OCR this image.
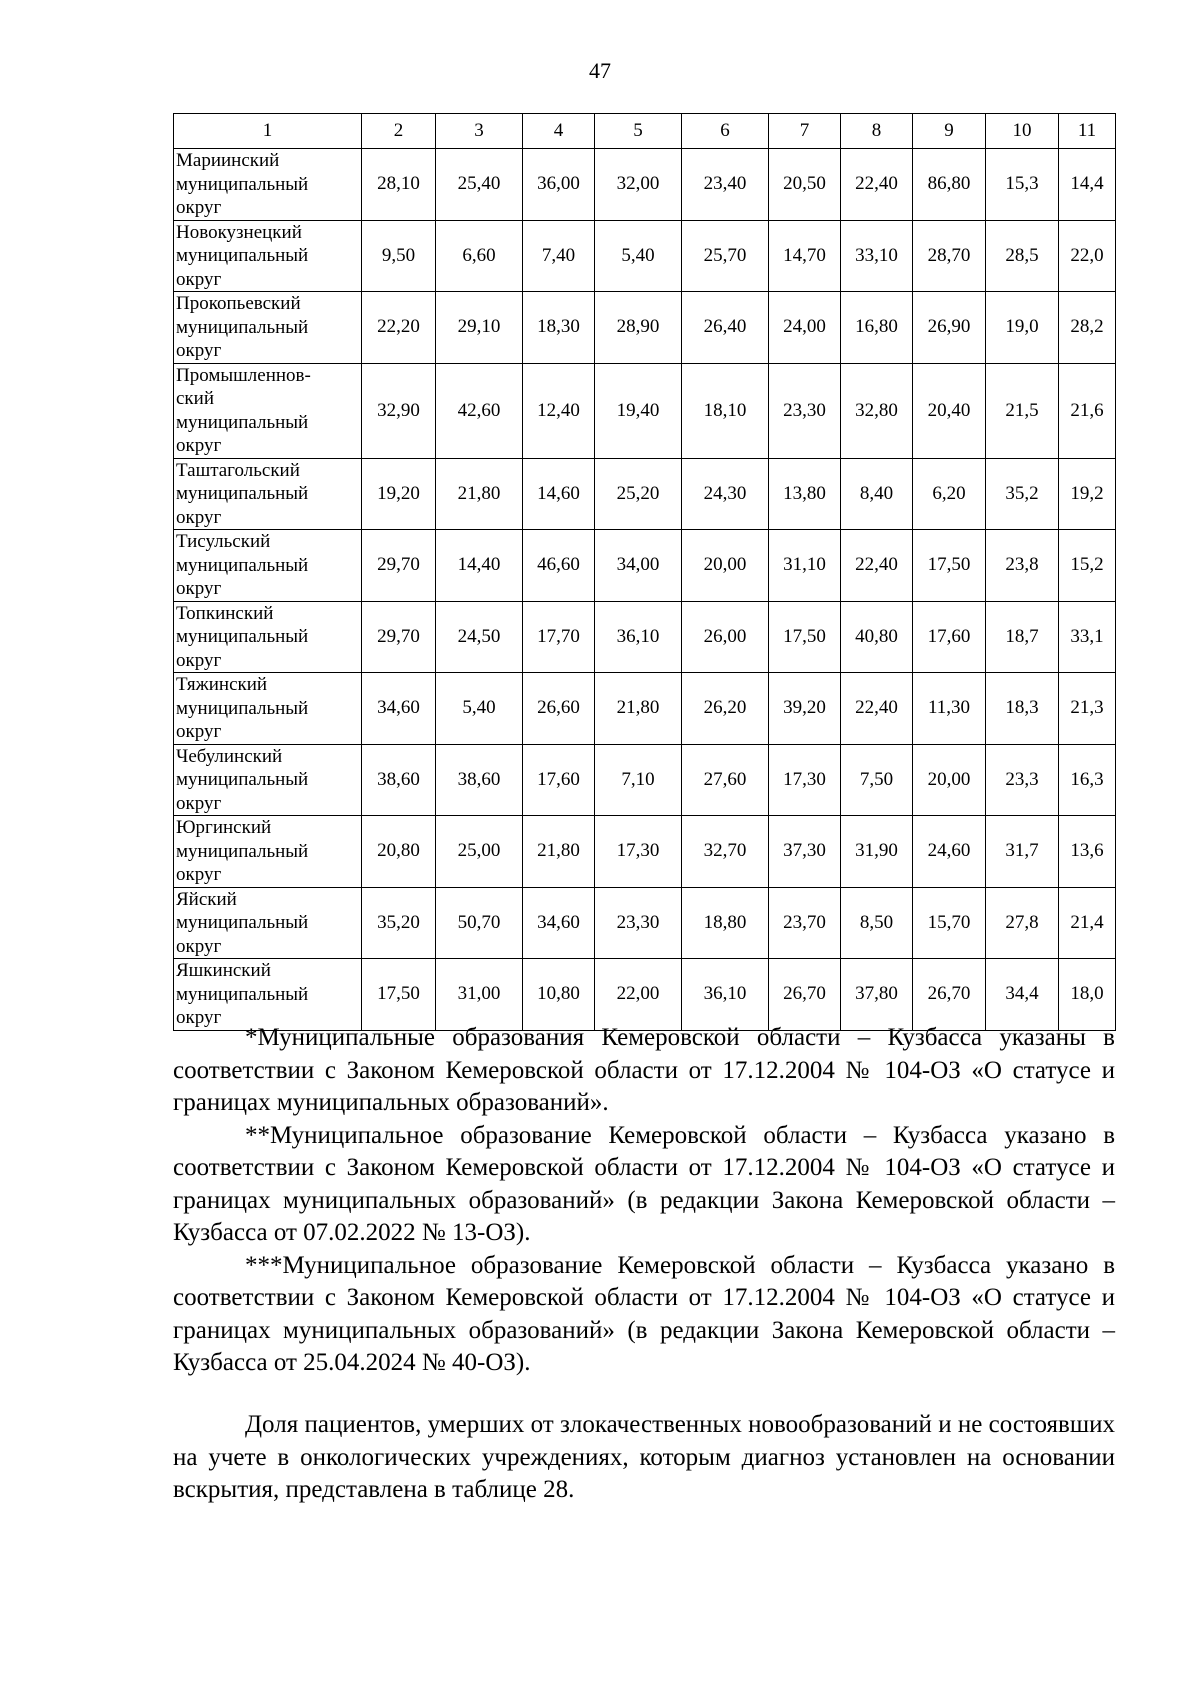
47
1	2	3	4	5	6	7	8	9	10	11

Мариинский
муниципальный
округ	28,10	25,40	36,00	32,00	23,40	20,50	22,40	86,80	15,3	14,4

Новокузнецкий
муниципальный
округ	9,50	6,60	7,40	5,40	25,70	14,70	33,10	28,70	28,5	22,0

Прокопьевский
муниципальный
округ	22,20	29,10	18,30	28,90	26,40	24,00	16,80	26,90	19,0	28,2

Промышленнов-
ский
муниципальный
округ	32,90	42,60	12,40	19,40	18,10	23,30	32,80	20,40	21,5	21,6

Таштагольский
муниципальный
округ	19,20	21,80	14,60	25,20	24,30	13,80	8,40	6,20	35,2	19,2

Тисульский
муниципальный
округ	29,70	14,40	46,60	34,00	20,00	31,10	22,40	17,50	23,8	15,2

Топкинский
муниципальный
округ	29,70	24,50	17,70	36,10	26,00	17,50	40,80	17,60	18,7	33,1

Тяжинский
муниципальный
округ	34,60	5,40	26,60	21,80	26,20	39,20	22,40	11,30	18,3	21,3

Чебулинский
муниципальный
округ	38,60	38,60	17,60	7,10	27,60	17,30	7,50	20,00	23,3	16,3

Юргинский
муниципальный
округ	20,80	25,00	21,80	17,30	32,70	37,30	31,90	24,60	31,7	13,6

Яйский
муниципальный
округ	35,20	50,70	34,60	23,30	18,80	23,70	8,50	15,70	27,8	21,4

Яшкинский
муниципальный
округ	17,50	31,00	10,80	22,00	36,10	26,70	37,80	26,70	34,4	18,0

*Муниципальные образования Кемеровской области – Кузбасса указаны в соответствии с Законом Кемеровской области от 17.12.2004 № 104-ОЗ «О статусе и границах муниципальных образований».

**Муниципальное образование Кемеровской области – Кузбасса указано в соответствии с Законом Кемеровской области от 17.12.2004 № 104-ОЗ «О статусе и границах муниципальных образований» (в редакции Закона Кемеровской области – Кузбасса от 07.02.2022 № 13-ОЗ).

***Муниципальное образование Кемеровской области – Кузбасса указано в соответствии с Законом Кемеровской области от 17.12.2004 № 104-ОЗ «О статусе и границах муниципальных образований» (в редакции Закона Кемеровской области – Кузбасса от 25.04.2024 № 40-ОЗ).

Доля пациентов, умерших от злокачественных новообразований и не состоявших на учете в онкологических учреждениях, которым диагноз установлен на основании вскрытия, представлена в таблице 28.
